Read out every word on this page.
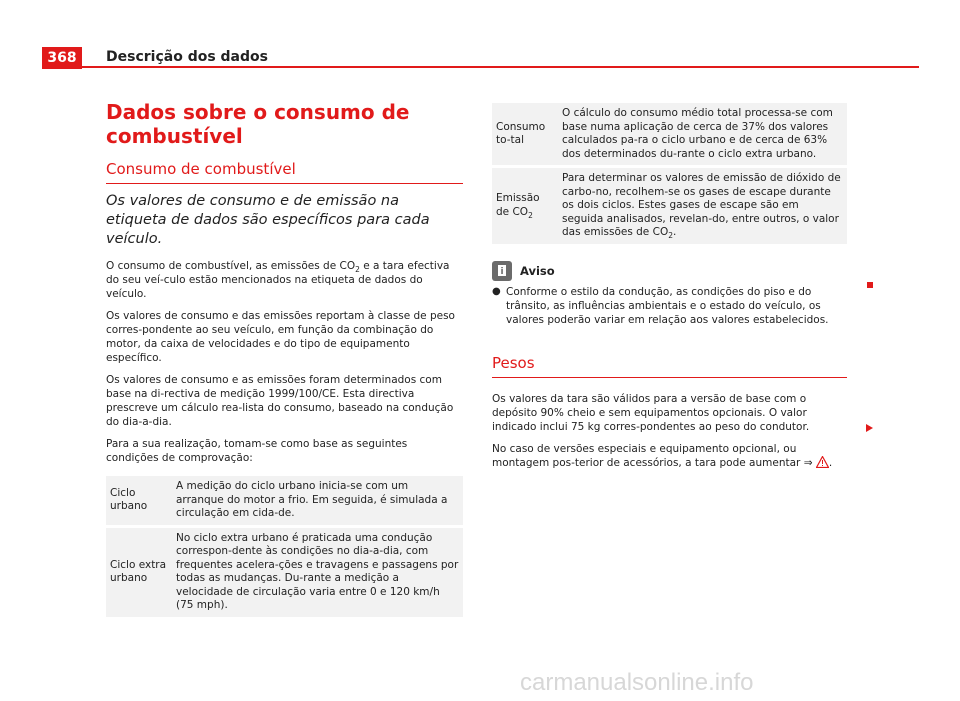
368	Descrição dos dados
Dados sobre o consumo de combustível
Consumo de combustível
Os valores de consumo e de emissão na etiqueta de dados são específicos para cada veículo.

O consumo de combustível, as emissões de $CO_2$ e a tara efectiva do seu veí-culo estão mencionados na etiqueta de dados do veículo.

Os valores de consumo e das emissões reportam à classe de peso corres-pondente ao seu veículo, em função da combinação do motor, da caixa de velocidades e do tipo de equipamento específico.

Os valores de consumo e as emissões foram determinados com base na di-rectiva de medição 1999/100/CE. Esta directiva prescreve um cálculo rea-lista do consumo, baseado na condução do dia-a-dia.

Para a sua realização, tomam-se como base as seguintes condições de comprovação:

Ciclo urbano	A medição do ciclo urbano inicia-se com um arranque do motor a frio. Em seguida, é simulada a circulação em cida-de.
Ciclo extra urbano	No ciclo extra urbano é praticada uma condução correspon-dente às condições no dia-a-dia, com frequentes acelera-ções e travagens e passagens por todas as mudanças. Du-rante a medição a velocidade de circulação varia entre 0 e 120 km/h (75 mph).
Consumo to-tal	O cálculo do consumo médio total processa-se com base numa aplicação de cerca de 37% dos valores calculados pa-ra o ciclo urbano e de cerca de 63% dos determinados du-rante o ciclo extra urbano.
Emissão de $CO_2$	Para determinar os valores de emissão de dióxido de carbo-no, recolhem-se os gases de escape durante os dois ciclos. Estes gases de escape são em seguida analisados, revelan-do, entre outros, o valor das emissões de $CO_2$.
i Aviso
● Conforme o estilo da condução, as condições do piso e do trânsito, as influências ambientais e o estado do veículo, os valores poderão variar em relação aos valores estabelecidos.
Pesos

Os valores da tara são válidos para a versão de base com o depósito 90% cheio e sem equipamentos opcionais. O valor indicado inclui 75 kg corres-pondentes ao peso do condutor.

No caso de versões especiais e equipamento opcional, ou montagem pos-terior de acessórios, a tara pode aumentar ⇒ .

carmanualsonline.info
